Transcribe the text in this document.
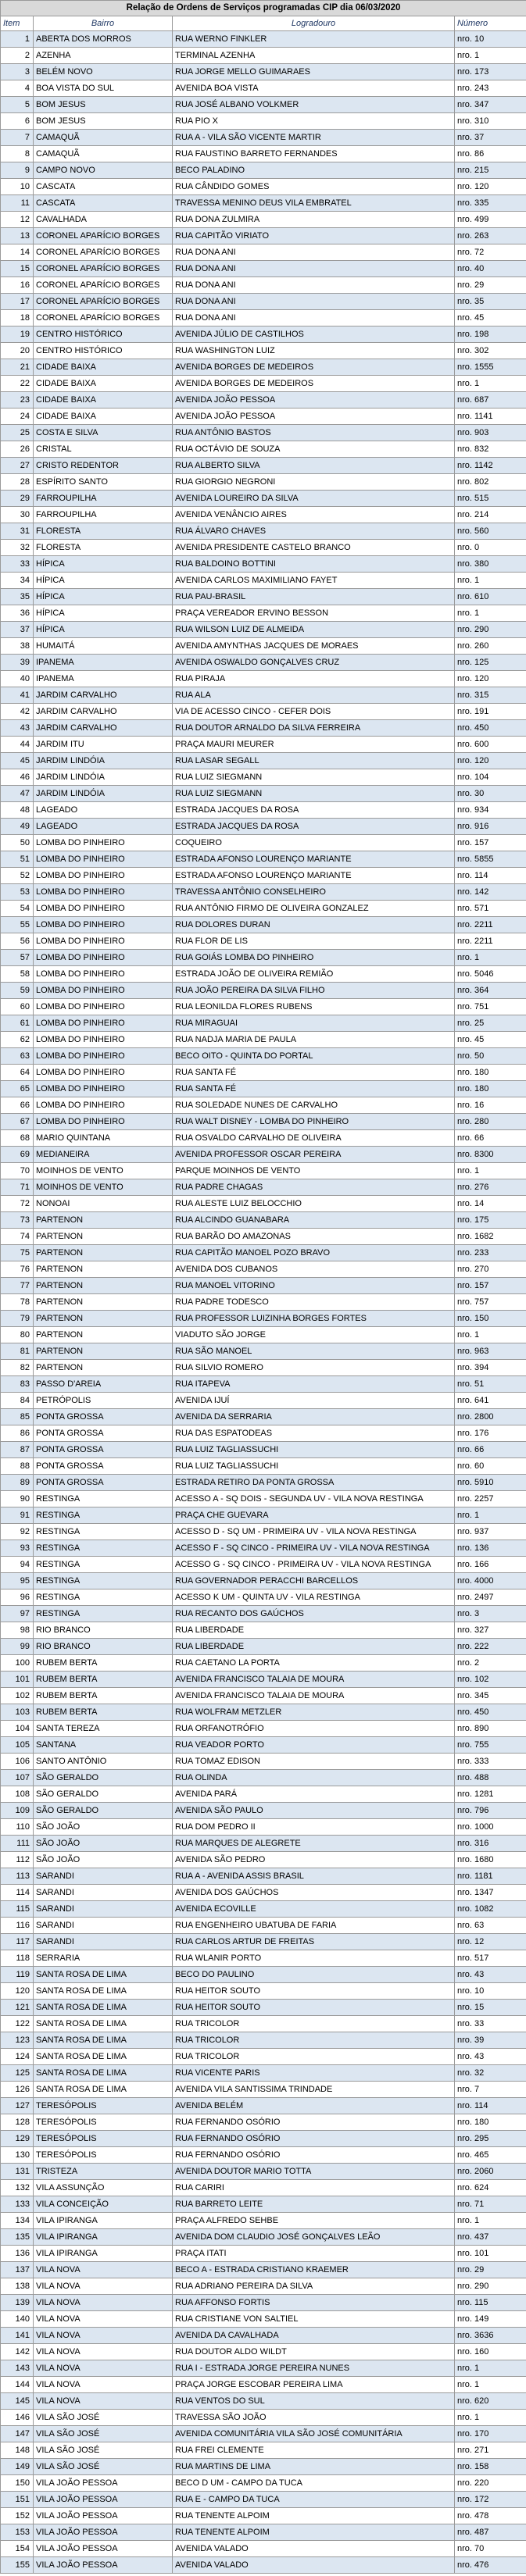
Relação de Ordens de Serviços programadas CIP dia 06/03/2020			
Item	Bairro	Logradouro	Número
1	ABERTA DOS MORROS	RUA WERNO FINKLER	nro. 10
2	AZENHA	TERMINAL AZENHA	nro. 1
3	BELÉM NOVO	RUA JORGE MELLO GUIMARAES	nro. 173
4	BOA VISTA DO SUL	AVENIDA BOA VISTA	nro. 243
5	BOM JESUS	RUA JOSÉ ALBANO VOLKMER	nro. 347
6	BOM JESUS	RUA PIO X	nro. 310
7	CAMAQUÃ	RUA A - VILA SÃO VICENTE MARTIR	nro. 37
8	CAMAQUÃ	RUA FAUSTINO BARRETO FERNANDES	nro. 86
9	CAMPO NOVO	BECO PALADINO	nro. 215
10	CASCATA	RUA CÂNDIDO GOMES	nro. 120
11	CASCATA	TRAVESSA MENINO DEUS VILA EMBRATEL	nro. 335
12	CAVALHADA	RUA DONA ZULMIRA	nro. 499
13	CORONEL APARÍCIO BORGES	RUA CAPITÃO VIRIATO	nro. 263
14	CORONEL APARÍCIO BORGES	RUA DONA ANI	nro. 72
15	CORONEL APARÍCIO BORGES	RUA DONA ANI	nro. 40
16	CORONEL APARÍCIO BORGES	RUA DONA ANI	nro. 29
17	CORONEL APARÍCIO BORGES	RUA DONA ANI	nro. 35
18	CORONEL APARÍCIO BORGES	RUA DONA ANI	nro. 45
19	CENTRO HISTÓRICO	AVENIDA JÚLIO DE CASTILHOS	nro. 198
20	CENTRO HISTÓRICO	RUA WASHINGTON LUIZ	nro. 302
21	CIDADE BAIXA	AVENIDA BORGES DE MEDEIROS	nro. 1555
22	CIDADE BAIXA	AVENIDA BORGES DE MEDEIROS	nro. 1
23	CIDADE BAIXA	AVENIDA JOÃO PESSOA	nro. 687
24	CIDADE BAIXA	AVENIDA JOÃO PESSOA	nro. 1141
25	COSTA E SILVA	RUA ANTÔNIO BASTOS	nro. 903
26	CRISTAL	RUA OCTÁVIO DE SOUZA	nro. 832
27	CRISTO REDENTOR	RUA ALBERTO SILVA	nro. 1142
28	ESPÍRITO SANTO	RUA GIORGIO NEGRONI	nro. 802
29	FARROUPILHA	AVENIDA LOUREIRO DA SILVA	nro. 515
30	FARROUPILHA	AVENIDA VENÂNCIO AIRES	nro. 214
31	FLORESTA	RUA ÁLVARO CHAVES	nro. 560
32	FLORESTA	AVENIDA PRESIDENTE CASTELO BRANCO	nro. 0
33	HÍPICA	RUA BALDOINO BOTTINI	nro. 380
34	HÍPICA	AVENIDA CARLOS MAXIMILIANO FAYET	nro. 1
35	HÍPICA	RUA PAU-BRASIL	nro. 610
36	HÍPICA	PRAÇA VEREADOR ERVINO BESSON	nro. 1
37	HÍPICA	RUA WILSON LUIZ DE ALMEIDA	nro. 290
38	HUMAITÁ	AVENIDA AMYNTHAS JACQUES DE MORAES	nro. 260
39	IPANEMA	AVENIDA OSWALDO GONÇALVES CRUZ	nro. 125
40	IPANEMA	RUA PIRAJA	nro. 120
41	JARDIM CARVALHO	RUA ALA	nro. 315
42	JARDIM CARVALHO	VIA DE ACESSO CINCO - CEFER DOIS	nro. 191
43	JARDIM CARVALHO	RUA DOUTOR ARNALDO DA SILVA FERREIRA	nro. 450
44	JARDIM ITU	PRAÇA MAURI MEURER	nro. 600
45	JARDIM LINDÓIA	RUA LASAR SEGALL	nro. 120
46	JARDIM LINDÓIA	RUA LUIZ SIEGMANN	nro. 104
47	JARDIM LINDÓIA	RUA LUIZ SIEGMANN	nro. 30
48	LAGEADO	ESTRADA JACQUES DA ROSA	nro. 934
49	LAGEADO	ESTRADA JACQUES DA ROSA	nro. 916
50	LOMBA DO PINHEIRO	COQUEIRO	nro. 157
51	LOMBA DO PINHEIRO	ESTRADA AFONSO LOURENÇO MARIANTE	nro. 5855
52	LOMBA DO PINHEIRO	ESTRADA AFONSO LOURENÇO MARIANTE	nro. 114
53	LOMBA DO PINHEIRO	TRAVESSA ANTÔNIO CONSELHEIRO	nro. 142
54	LOMBA DO PINHEIRO	RUA ANTÔNIO FIRMO DE OLIVEIRA GONZALEZ	nro. 571
55	LOMBA DO PINHEIRO	RUA DOLORES DURAN	nro. 2211
56	LOMBA DO PINHEIRO	RUA FLOR DE LIS	nro. 2211
57	LOMBA DO PINHEIRO	RUA GOIÁS LOMBA DO PINHEIRO	nro. 1
58	LOMBA DO PINHEIRO	ESTRADA JOÃO DE OLIVEIRA REMIÃO	nro. 5046
59	LOMBA DO PINHEIRO	RUA JOÃO PEREIRA DA SILVA FILHO	nro. 364
60	LOMBA DO PINHEIRO	RUA LEONILDA FLORES RUBENS	nro. 751
61	LOMBA DO PINHEIRO	RUA MIRAGUAI	nro. 25
62	LOMBA DO PINHEIRO	RUA NADJA MARIA DE PAULA	nro. 45
63	LOMBA DO PINHEIRO	BECO OITO - QUINTA DO PORTAL	nro. 50
64	LOMBA DO PINHEIRO	RUA SANTA FÉ	nro. 180
65	LOMBA DO PINHEIRO	RUA SANTA FÉ	nro. 180
66	LOMBA DO PINHEIRO	RUA SOLEDADE NUNES DE CARVALHO	nro. 16
67	LOMBA DO PINHEIRO	RUA WALT DISNEY - LOMBA DO PINHEIRO	nro. 280
68	MARIO QUINTANA	RUA OSVALDO CARVALHO DE OLIVEIRA	nro. 66
69	MEDIANEIRA	AVENIDA PROFESSOR OSCAR PEREIRA	nro. 8300
70	MOINHOS DE VENTO	PARQUE MOINHOS DE VENTO	nro. 1
71	MOINHOS DE VENTO	RUA PADRE CHAGAS	nro. 276
72	NONOAI	RUA ALESTE LUIZ BELOCCHIO	nro. 14
73	PARTENON	RUA ALCINDO GUANABARA	nro. 175
74	PARTENON	RUA BARÃO DO AMAZONAS	nro. 1682
75	PARTENON	RUA CAPITÃO MANOEL POZO BRAVO	nro. 233
76	PARTENON	AVENIDA DOS CUBANOS	nro. 270
77	PARTENON	RUA MANOEL VITORINO	nro. 157
78	PARTENON	RUA PADRE TODESCO	nro. 757
79	PARTENON	RUA PROFESSOR LUIZINHA BORGES FORTES	nro. 150
80	PARTENON	VIADUTO SÃO JORGE	nro. 1
81	PARTENON	RUA SÃO MANOEL	nro. 963
82	PARTENON	RUA SILVIO ROMERO	nro. 394
83	PASSO D'AREIA	RUA ITAPEVA	nro. 51
84	PETRÓPOLIS	AVENIDA IJUÍ	nro. 641
85	PONTA GROSSA	AVENIDA DA SERRARIA	nro. 2800
86	PONTA GROSSA	RUA DAS ESPATODEAS	nro. 176
87	PONTA GROSSA	RUA LUIZ TAGLIASSUCHI	nro. 66
88	PONTA GROSSA	RUA LUIZ TAGLIASSUCHI	nro. 60
89	PONTA GROSSA	ESTRADA RETIRO DA PONTA GROSSA	nro. 5910
90	RESTINGA	ACESSO A - SQ DOIS - SEGUNDA UV - VILA NOVA RESTINGA	nro. 2257
91	RESTINGA	PRAÇA CHE GUEVARA	nro. 1
92	RESTINGA	ACESSO D - SQ UM - PRIMEIRA UV - VILA NOVA RESTINGA	nro. 937
93	RESTINGA	ACESSO F - SQ CINCO - PRIMEIRA UV - VILA NOVA RESTINGA	nro. 136
94	RESTINGA	ACESSO G - SQ CINCO - PRIMEIRA UV - VILA NOVA RESTINGA	nro. 166
95	RESTINGA	RUA GOVERNADOR PERACCHI BARCELLOS	nro. 4000
96	RESTINGA	ACESSO K UM - QUINTA UV - VILA RESTINGA	nro. 2497
97	RESTINGA	RUA RECANTO DOS GAÚCHOS	nro. 3
98	RIO BRANCO	RUA LIBERDADE	nro. 327
99	RIO BRANCO	RUA LIBERDADE	nro. 222
100	RUBEM BERTA	RUA CAETANO LA PORTA	nro. 2
101	RUBEM BERTA	AVENIDA FRANCISCO TALAIA DE MOURA	nro. 102
102	RUBEM BERTA	AVENIDA FRANCISCO TALAIA DE MOURA	nro. 345
103	RUBEM BERTA	RUA WOLFRAM METZLER	nro. 450
104	SANTA TEREZA	RUA ORFANOTRÓFIO	nro. 890
105	SANTANA	RUA VEADOR PORTO	nro. 755
106	SANTO ANTÔNIO	RUA TOMAZ EDISON	nro. 333
107	SÃO GERALDO	RUA OLINDA	nro. 488
108	SÃO GERALDO	AVENIDA PARÁ	nro. 1281
109	SÃO GERALDO	AVENIDA SÃO PAULO	nro. 796
110	SÃO JOÃO	RUA DOM PEDRO II	nro. 1000
111	SÃO JOÃO	RUA MARQUES DE ALEGRETE	nro. 316
112	SÃO JOÃO	AVENIDA SÃO PEDRO	nro. 1680
113	SARANDI	RUA A - AVENIDA ASSIS BRASIL	nro. 1181
114	SARANDI	AVENIDA DOS GAÚCHOS	nro. 1347
115	SARANDI	AVENIDA ECOVILLE	nro. 1082
116	SARANDI	RUA ENGENHEIRO UBATUBA DE FARIA	nro. 63
117	SARANDI	RUA CARLOS ARTUR DE FREITAS	nro. 12
118	SERRARIA	RUA WLANIR PORTO	nro. 517
119	SANTA ROSA DE LIMA	BECO DO PAULINO	nro. 43
120	SANTA ROSA DE LIMA	RUA HEITOR SOUTO	nro. 10
121	SANTA ROSA DE LIMA	RUA HEITOR SOUTO	nro. 15
122	SANTA ROSA DE LIMA	RUA TRICOLOR	nro. 33
123	SANTA ROSA DE LIMA	RUA TRICOLOR	nro. 39
124	SANTA ROSA DE LIMA	RUA TRICOLOR	nro. 43
125	SANTA ROSA DE LIMA	RUA VICENTE PARIS	nro. 32
126	SANTA ROSA DE LIMA	AVENIDA VILA SANTISSIMA TRINDADE	nro. 7
127	TERESÓPOLIS	AVENIDA BELÉM	nro. 114
128	TERESÓPOLIS	RUA FERNANDO OSÓRIO	nro. 180
129	TERESÓPOLIS	RUA FERNANDO OSÓRIO	nro. 295
130	TERESÓPOLIS	RUA FERNANDO OSÓRIO	nro. 465
131	TRISTEZA	AVENIDA DOUTOR MARIO TOTTA	nro. 2060
132	VILA ASSUNÇÃO	RUA CARIRI	nro. 624
133	VILA CONCEIÇÃO	RUA BARRETO LEITE	nro. 71
134	VILA IPIRANGA	PRAÇA ALFREDO SEHBE	nro. 1
135	VILA IPIRANGA	AVENIDA DOM CLAUDIO JOSÉ GONÇALVES LEÃO	nro. 437
136	VILA IPIRANGA	PRAÇA ITATI	nro. 101
137	VILA NOVA	BECO A - ESTRADA CRISTIANO KRAEMER	nro. 29
138	VILA NOVA	RUA ADRIANO PEREIRA DA SILVA	nro. 290
139	VILA NOVA	RUA AFFONSO FORTIS	nro. 115
140	VILA NOVA	RUA CRISTIANE VON SALTIEL	nro. 149
141	VILA NOVA	AVENIDA DA CAVALHADA	nro. 3636
142	VILA NOVA	RUA DOUTOR ALDO WILDT	nro. 160
143	VILA NOVA	RUA I - ESTRADA JORGE PEREIRA NUNES	nro. 1
144	VILA NOVA	PRAÇA JORGE ESCOBAR PEREIRA LIMA	nro. 1
145	VILA NOVA	RUA VENTOS DO SUL	nro. 620
146	VILA SÃO JOSÉ	TRAVESSA SÃO JOÃO	nro. 1
147	VILA SÃO JOSÉ	AVENIDA COMUNITÁRIA VILA SÃO JOSÉ COMUNITÁRIA	nro. 170
148	VILA SÃO JOSÉ	RUA FREI CLEMENTE	nro. 271
149	VILA SÃO JOSÉ	RUA MARTINS DE LIMA	nro. 158
150	VILA JOÃO PESSOA	BECO D UM - CAMPO DA TUCA	nro. 220
151	VILA JOÃO PESSOA	RUA E - CAMPO DA TUCA	nro. 172
152	VILA JOÃO PESSOA	RUA TENENTE ALPOIM	nro. 478
153	VILA JOÃO PESSOA	RUA TENENTE ALPOIM	nro. 487
154	VILA JOÃO PESSOA	AVENIDA VALADO	nro. 70
155	VILA JOÃO PESSOA	AVENIDA VALADO	nro. 476
